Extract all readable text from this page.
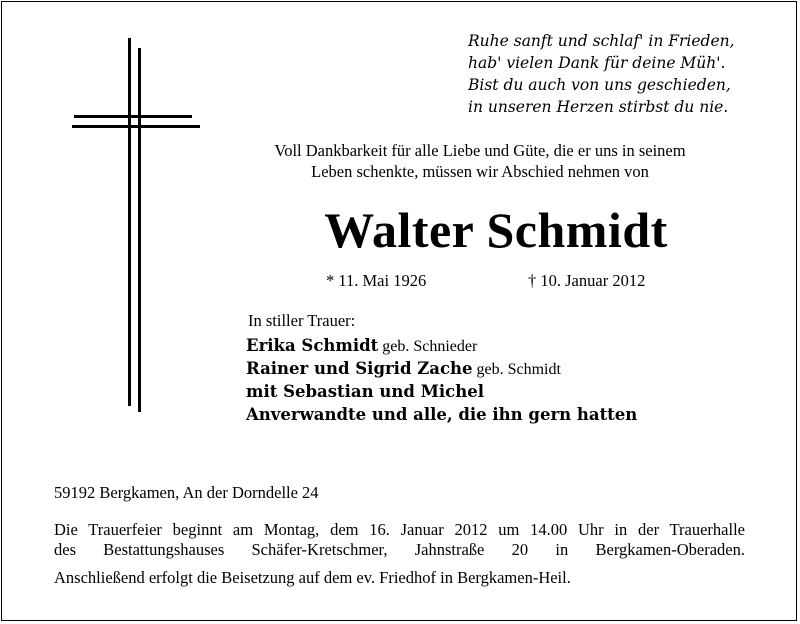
Ruhe sanft und schlaf' in Frieden,
hab' vielen Dank für deine Müh'.
Bist du auch von uns geschieden,
in unseren Herzen stirbst du nie.
Voll Dankbarkeit für alle Liebe und Güte, die er uns in seinem
Leben schenkte, müssen wir Abschied nehmen von
Walter Schmidt
* 11. Mai 1926	† 10. Januar 2012
In stiller Trauer:
Erika Schmidt geb. Schnieder
Rainer und Sigrid Zache geb. Schmidt
mit Sebastian und Michel
Anverwandte und alle, die ihn gern hatten
59192 Bergkamen, An der Dorndelle 24
Die Trauerfeier beginnt am Montag, dem 16. Januar 2012 um 14.00 Uhr in der Trauerhalle
des Bestattungshauses Schäfer-Kretschmer, Jahnstraße 20 in Bergkamen-Oberaden.
Anschließend erfolgt die Beisetzung auf dem ev. Friedhof in Bergkamen-Heil.
